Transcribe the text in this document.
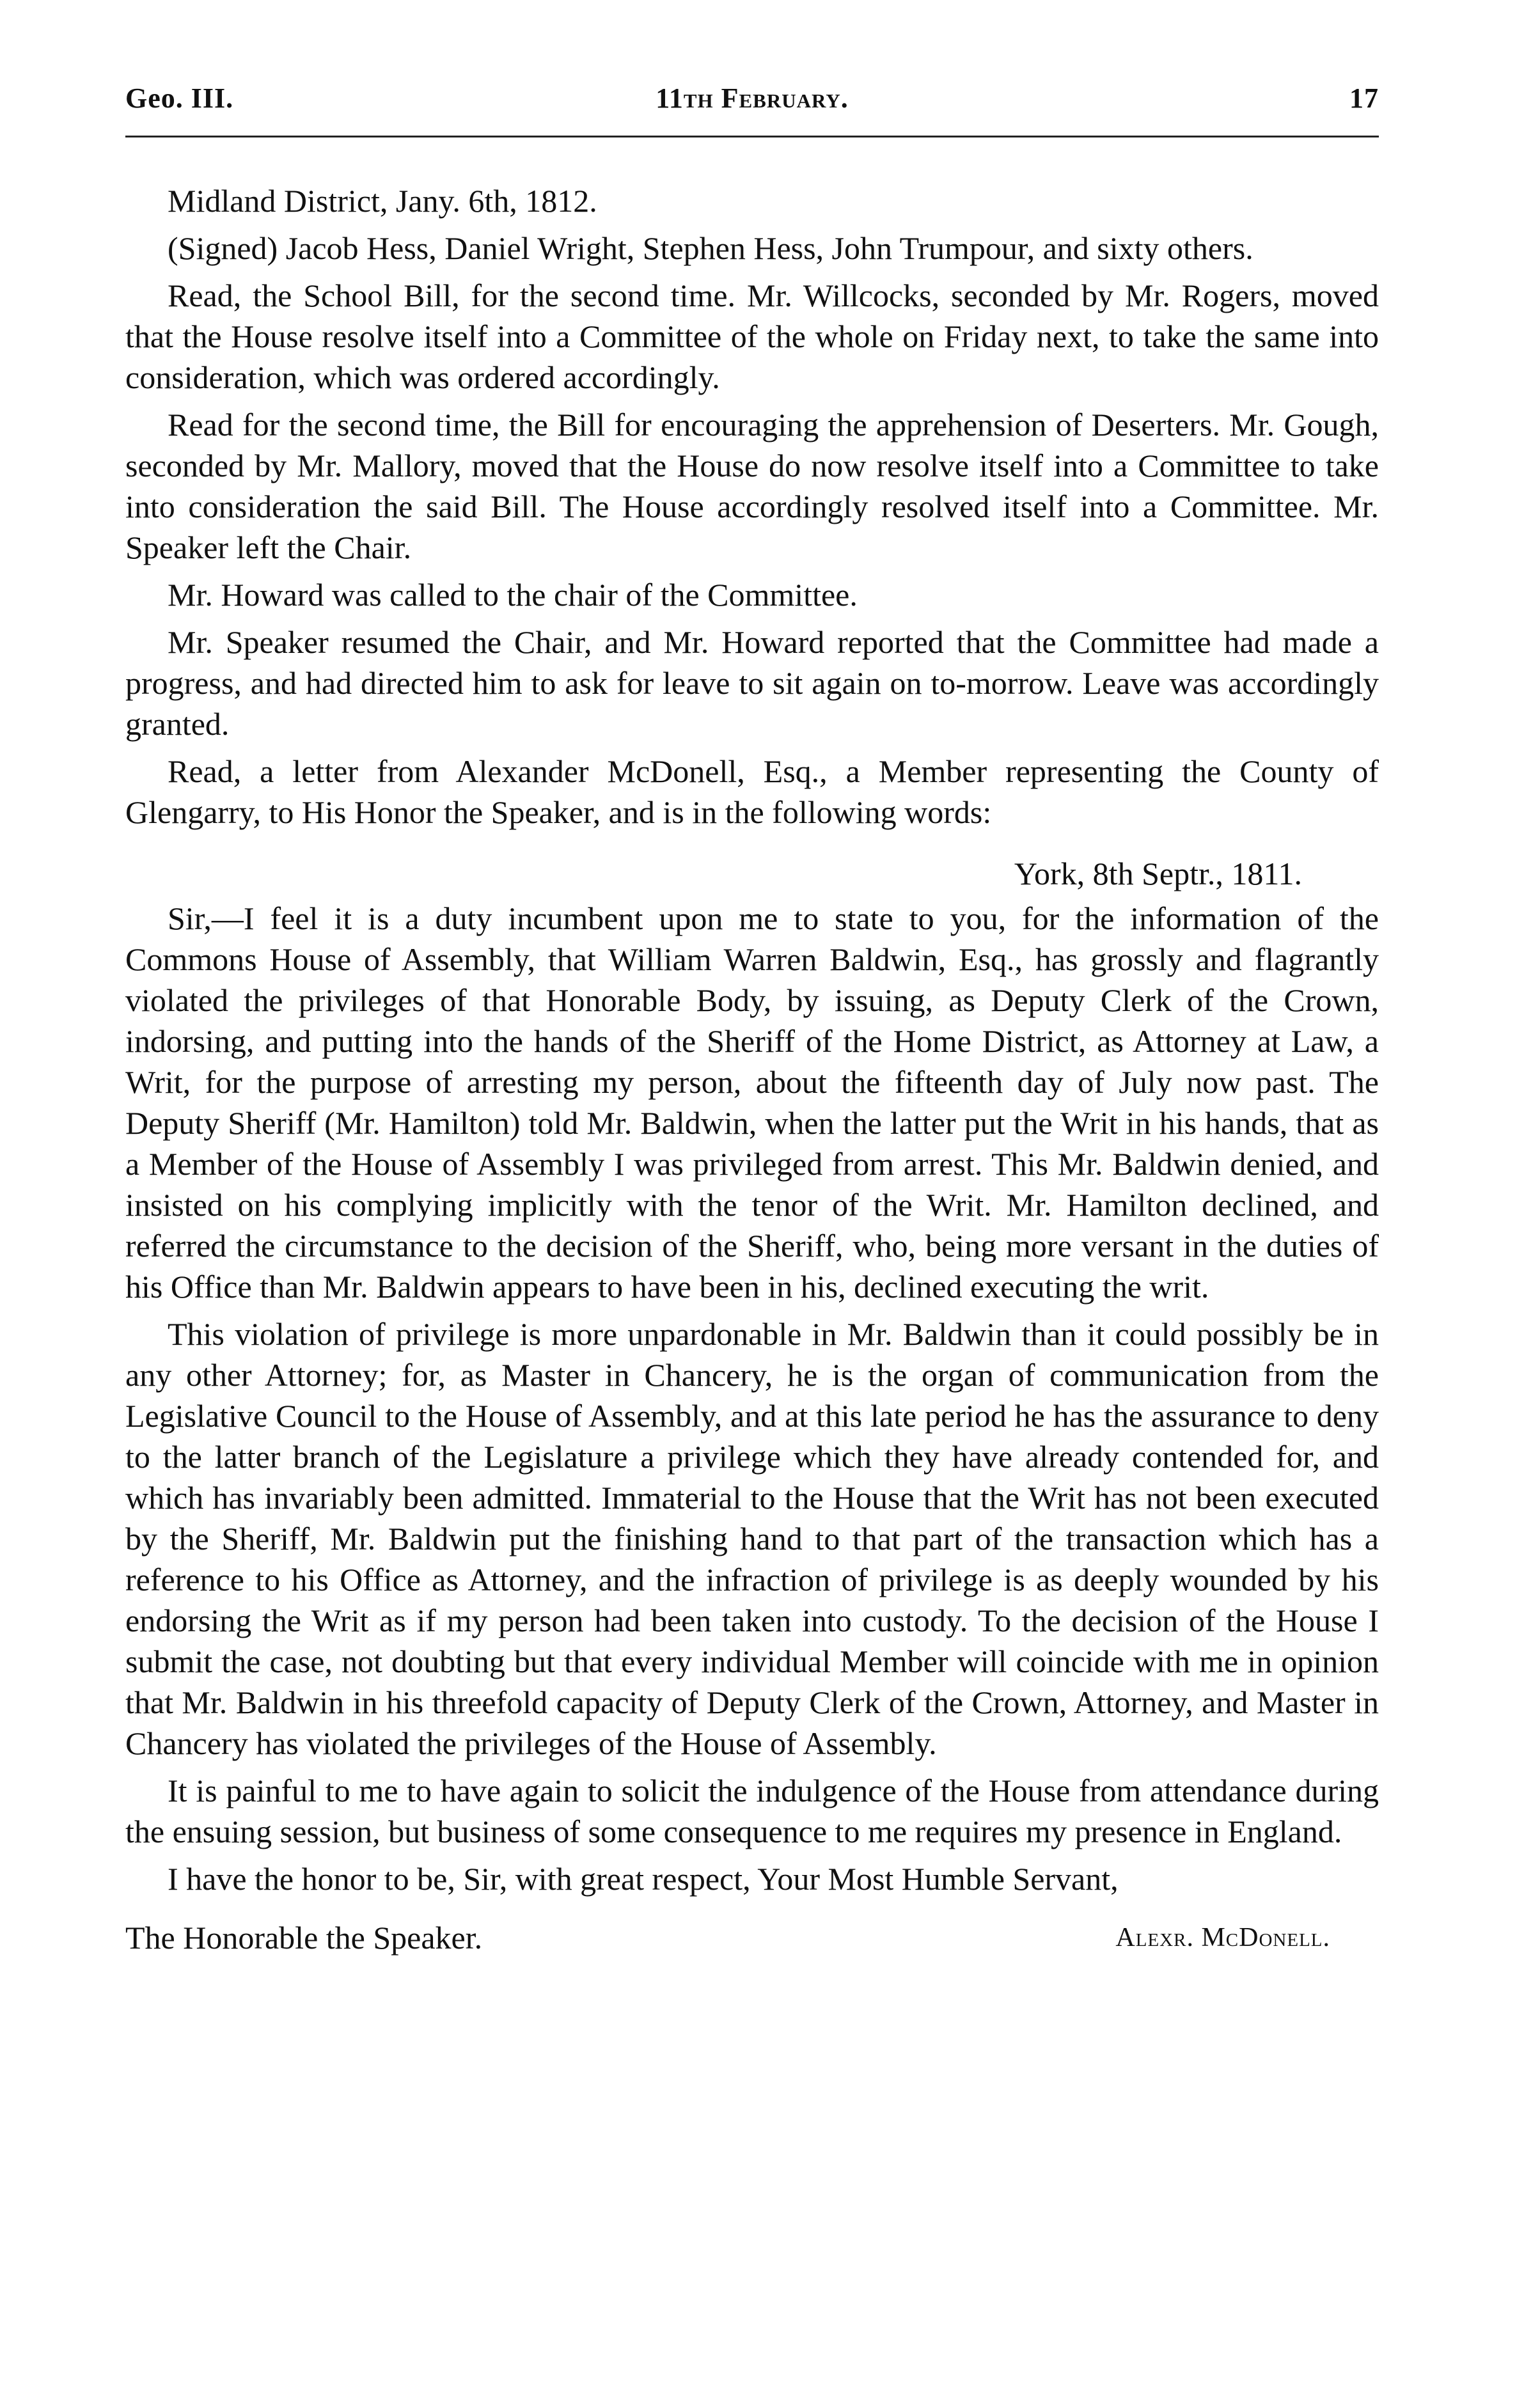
Geo. III.	11th February.	17

Midland District, Jany. 6th, 1812.

(Signed) Jacob Hess, Daniel Wright, Stephen Hess, John Trumpour, and sixty others.

Read, the School Bill, for the second time. Mr. Willcocks, seconded by Mr. Rogers, moved that the House resolve itself into a Committee of the whole on Friday next, to take the same into consideration, which was ordered accordingly.

Read for the second time, the Bill for encouraging the apprehension of Deserters. Mr. Gough, seconded by Mr. Mallory, moved that the House do now resolve itself into a Committee to take into consideration the said Bill. The House accordingly resolved itself into a Committee. Mr. Speaker left the Chair.

Mr. Howard was called to the chair of the Committee.

Mr. Speaker resumed the Chair, and Mr. Howard reported that the Committee had made a progress, and had directed him to ask for leave to sit again on to-morrow. Leave was accordingly granted.

Read, a letter from Alexander McDonell, Esq., a Member representing the County of Glengarry, to His Honor the Speaker, and is in the following words:

York, 8th Septr., 1811.

Sir,—I feel it is a duty incumbent upon me to state to you, for the information of the Commons House of Assembly, that William Warren Baldwin, Esq., has grossly and flagrantly violated the privileges of that Honorable Body, by issuing, as Deputy Clerk of the Crown, indorsing, and putting into the hands of the Sheriff of the Home District, as Attorney at Law, a Writ, for the purpose of arresting my person, about the fifteenth day of July now past. The Deputy Sheriff (Mr. Hamilton) told Mr. Baldwin, when the latter put the Writ in his hands, that as a Member of the House of Assembly I was privileged from arrest. This Mr. Baldwin denied, and insisted on his complying implicitly with the tenor of the Writ. Mr. Hamilton declined, and referred the circumstance to the decision of the Sheriff, who, being more versant in the duties of his Office than Mr. Baldwin appears to have been in his, declined executing the writ.

This violation of privilege is more unpardonable in Mr. Baldwin than it could possibly be in any other Attorney; for, as Master in Chancery, he is the organ of communication from the Legislative Council to the House of Assembly, and at this late period he has the assurance to deny to the latter branch of the Legislature a privilege which they have already contended for, and which has invariably been admitted. Immaterial to the House that the Writ has not been executed by the Sheriff, Mr. Baldwin put the finishing hand to that part of the transaction which has a reference to his Office as Attorney, and the infraction of privilege is as deeply wounded by his endorsing the Writ as if my person had been taken into custody. To the decision of the House I submit the case, not doubting but that every individual Member will coincide with me in opinion that Mr. Baldwin in his threefold capacity of Deputy Clerk of the Crown, Attorney, and Master in Chancery has violated the privileges of the House of Assembly.

It is painful to me to have again to solicit the indulgence of the House from attendance during the ensuing session, but business of some consequence to me requires my presence in England.

I have the honor to be, Sir, with great respect, Your Most Humble Servant,

The Honorable the Speaker.	Alexr. McDonell.
